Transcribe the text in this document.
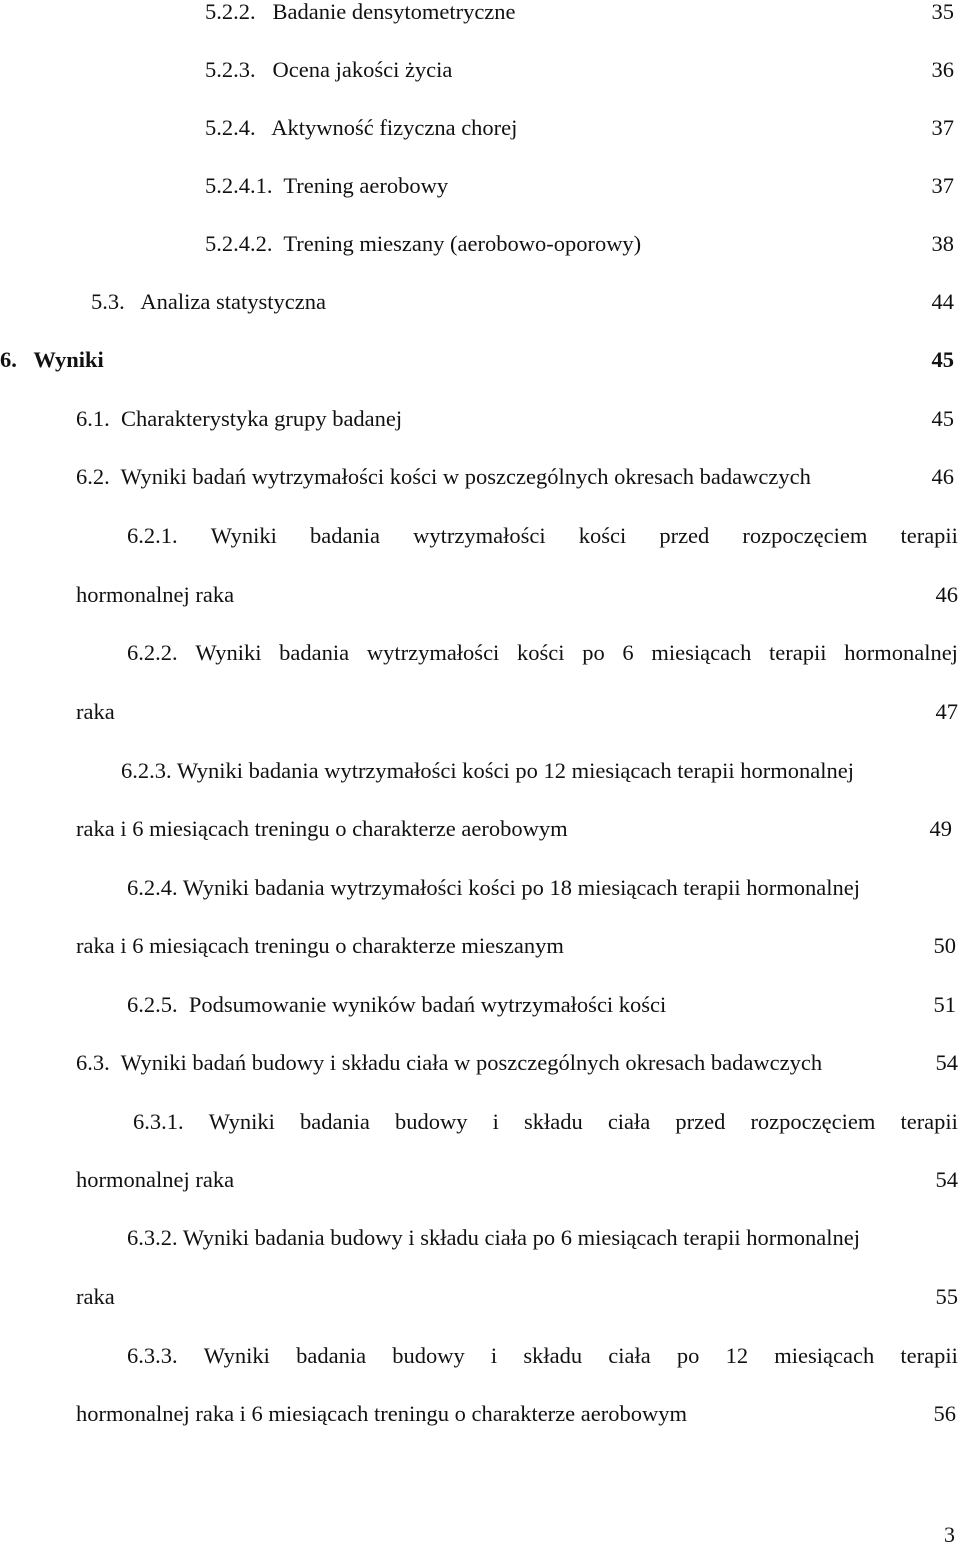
5.2.2. Badanie densytometryczne	35
5.2.3. Ocena jakości życia	36
5.2.4. Aktywność fizyczna chorej	37
5.2.4.1. Trening aerobowy	37
5.2.4.2. Trening mieszany (aerobowo-oporowy)	38
5.3. Analiza statystyczna	44
6. Wyniki	45
6.1. Charakterystyka grupy badanej	45
6.2. Wyniki badań wytrzymałości kości w poszczególnych okresach badawczych	46
6.2.1. Wyniki badania wytrzymałości kości przed rozpoczęciem terapii
hormonalnej raka	46
6.2.2. Wyniki badania wytrzymałości kości po 6 miesiącach terapii hormonalnej
raka	47
6.2.3. Wyniki badania wytrzymałości kości po 12 miesiącach terapii hormonalnej
raka i 6 miesiącach treningu o charakterze aerobowym	49
6.2.4. Wyniki badania wytrzymałości kości po 18 miesiącach terapii hormonalnej
raka i 6 miesiącach treningu o charakterze mieszanym	50
6.2.5. Podsumowanie wyników badań wytrzymałości kości	51
6.3. Wyniki badań budowy i składu ciała w poszczególnych okresach badawczych	54
6.3.1. Wyniki badania budowy i składu ciała przed rozpoczęciem terapii
hormonalnej raka	54
6.3.2. Wyniki badania budowy i składu ciała po 6 miesiącach terapii hormonalnej
raka	55
6.3.3. Wyniki badania budowy i składu ciała po 12 miesiącach terapii
hormonalnej raka i 6 miesiącach treningu o charakterze aerobowym	56
3
